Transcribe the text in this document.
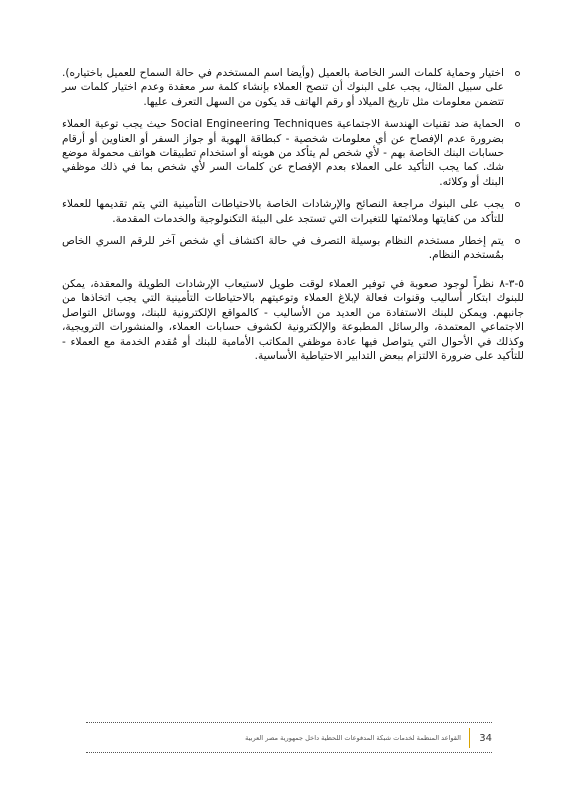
اختيار وحماية كلمات السر الخاصة بالعميل (وأيضا اسم المستخدم في حالة السماح للعميل باختياره). على سبيل المثال، يجب على البنوك أن تنصح العملاء بإنشاء كلمة سر معقدة وعدم اختيار كلمات سر تتضمن معلومات مثل تاريخ الميلاد أو رقم الهاتف قد يكون من السهل التعرف عليها.
الحماية ضد تقنيات الهندسة الاجتماعية Social Engineering Techniques حيث يجب توعية العملاء بضرورة عدم الإفصاح عن أي معلومات شخصية - كبطاقة الهوية أو جواز السفر أو العناوين أو أرقام حسابات البنك الخاصة بهم - لأي شخص لم يتأكد من هويته أو استخدام تطبيقات هواتف محمولة موضع شك. كما يجب التأكيد على العملاء بعدم الإفصاح عن كلمات السر لأي شخص بما في ذلك موظفي البنك أو وكلائه.
يجب على البنوك مراجعة النصائح والإرشادات الخاصة بالاحتياطات التأمينية التي يتم تقديمها للعملاء للتأكد من كفايتها وملائمتها للتغيرات التي تستجد على البيئة التكنولوجية والخدمات المقدمة.
يتم إخطار مستخدم النظام بوسيلة التصرف في حالة اكتشاف أي شخص آخر للرقم السري الخاص بمُستخدم النظام.

٥-٣-٨ نظراً لوجود صعوبة في توفير العملاء لوقت طويل لاستيعاب الإرشادات الطويلة والمعقدة، يمكن للبنوك ابتكار أساليب وقنوات فعالة لإبلاغ العملاء وتوعيتهم بالاحتياطات التأمينية التي يجب اتخاذها من جانبهم. ويمكن للبنك الاستفادة من العديد من الأساليب - كالمواقع الإلكترونية للبنك، ووسائل التواصل الاجتماعي المعتمدة، والرسائل المطبوعة والإلكترونية لكشوف حسابات العملاء، والمنشورات الترويجية، وكذلك في الأحوال التي يتواصل فيها عادة موظفي المكاتب الأمامية للبنك أو مُقدم الخدمة مع العملاء - للتأكيد على ضرورة الالتزام ببعض التدابير الاحتياطية الأساسية.

القواعد المنظمة لخدمات شبكة المدفوعات اللحظية داخل جمهورية مصر العربية	34
